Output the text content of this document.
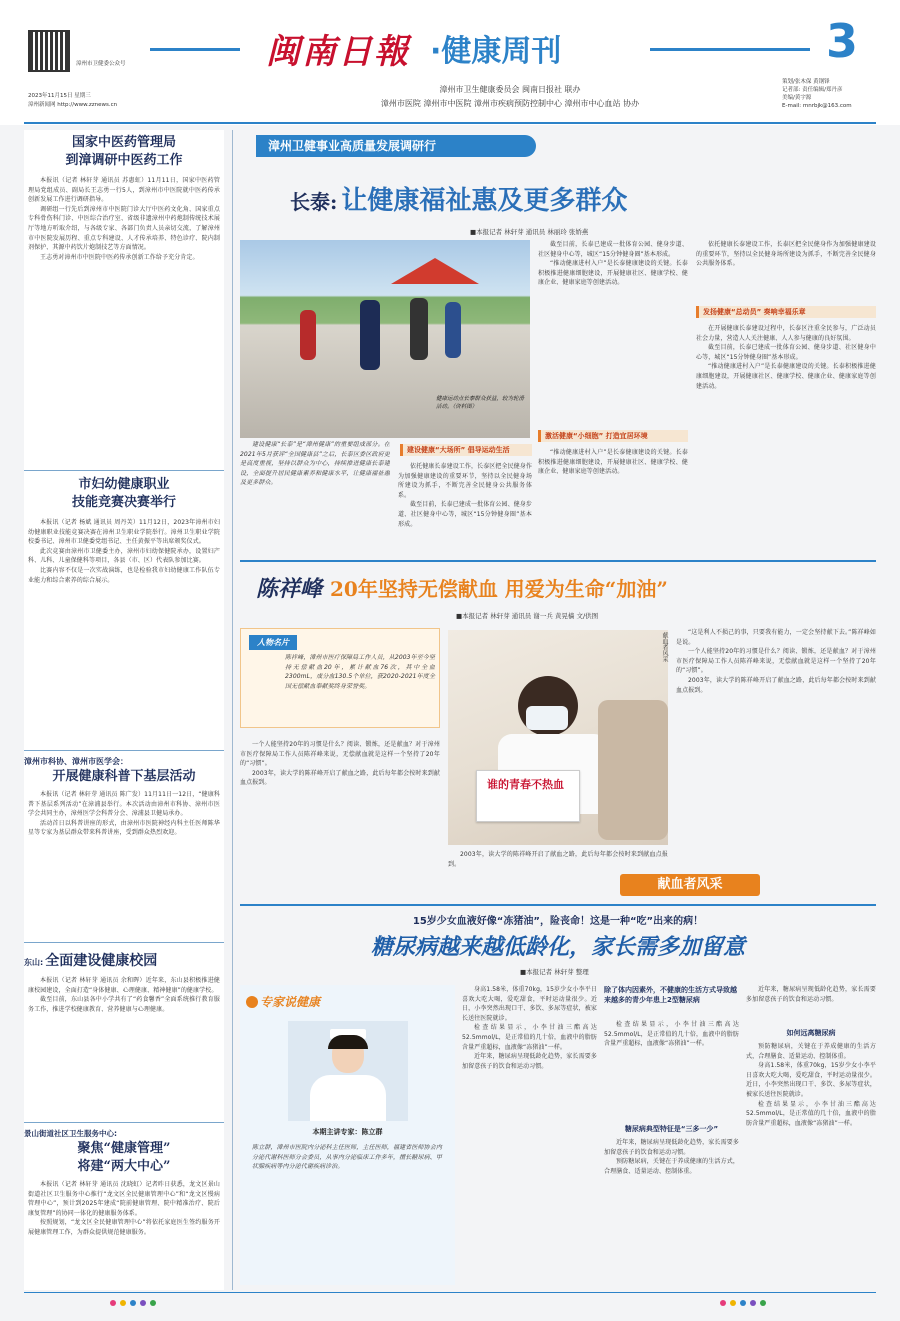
漳州市卫健委公众号	闽南日報 ·健康周刊	3
2023年11月15日 星期三
漳州新闻网 http://www.zznews.cn
漳州市卫生健康委员会 闽南日报社 联办
漳州市医院 漳州市中医院 漳州市疾病预防控制中心 漳州市中心血站 协办
策划/张木保 黄钢锋
记者部: 责任编辑/郑丹彦
美编/黄宇源
E-mail: mnrbjk@163.com
国家中医药管理局
到漳调研中医药工作

本报讯（记者 林轩芽 通讯员 苏惠虹）11月11日，国家中医药管理局党组成员、副局长王志勇一行5人，到漳州市中医院就中医药传承创新发展工作进行调研指导。

调研组一行先后到漳州市中医院门诊大厅中医药文化角、国家重点专科骨伤科门诊、中医综合治疗室、省级非遗漳州中药炮制传统技术展厅等地方听取介绍，与各级专家、各部门负责人员亲切交流，了解漳州市中医院发展历程、重点专科建设、人才传承培养、特色诊疗、院内制剂保护、其源中药饮片炮制技艺等方面情况。

王志勇对漳州市中医院中医药传承创新工作给予充分肯定。

市妇幼健康职业
技能竞赛决赛举行

本报讯（记者 杨斌 通讯员 周丹芙）11月12日，2023年漳州市妇幼健康职业技能竞赛决赛在漳州卫生职业学院举行。漳州卫生职业学院校委书记、漳州市卫健委党组书记、主任黄振平等出席颁奖仪式。

此次竞赛由漳州市卫健委主办，漳州市妇幼保健院承办，设置妇产科、儿科、儿童保健科等项目，各县（市、区）代表队参加比赛。

比赛内容不仅是一次实战演练，也是检验我市妇幼健康工作队伍专业能力和综合素养的综合展示。

漳州市科协、漳州市医学会：
开展健康科普下基层活动

本报讯（记者 林轩芽 通讯员 陈广发）11月11日一12日，“健康科普下基层系列活动”在漳浦县举行。本次活动由漳州市科协、漳州市医学会共同主办，漳州医学会科普分会、漳浦县卫健局承办。

活动首日以科普讲座的形式，由漳州市医院神经内科主任医师陈华星等专家为基层群众带来科普讲座，受到群众热烈欢迎。

东山: 全面建设健康校园

本报讯（记者 林轩芽 通讯员 余和晖）近年来，东山县积极推进健康校园建设，全面打造“身体健康、心理健康、精神健康”的健康学校。

截至目前，东山县各中小学共有了“药食馨香”全面系统推行教育服务工作，推进学校健康教育、营养健康与心理健康。

景山街道社区卫生服务中心:
聚焦“健康管理”
将建“两大中心”

本报讯（记者 林轩芽 通讯员 沈晓虹）记者昨日获悉，龙文区景山街道社区卫生服务中心推行“龙文区全民健康管理中心”和“龙文区慢病管理中心”，预计到2025年建成“院前健康管理、院中精准治疗、院后康复管理”的协同一体化的健康服务体系。

按照规划，“龙文区全民健康管理中心”将依托家庭医生签约服务开展健康管理工作，为群众提供规范健康服务。

漳州卫健事业高质量发展调研行
长泰: 让健康福祉惠及更多群众
■本报记者 林轩芽 通讯员 林丽玲 张娇燕
健康运动点长泰群众获益，较为轮滑活动。（资料图）

建设健康“长泰”是“漳州健康”的重要组成部分。在2021年5月获评“全国健康县”之后，长泰区委区政府更是高度重视，坚持以群众为中心，持续推进健康长泰建设，全面提升居民健康素养和健康水平，让健康福祉惠及更多群众。

建设健康“大场所” 倡导运动生活

依托健康长泰建设工作，长泰区把全民健身作为加强健康建设的重要环节，坚持以全民健身场所建设为抓手，不断完善全民健身公共服务体系。

截至目前，长泰已建成一批体育公园、健身步道、社区健身中心等，城区“15分钟健身圈”基本形成。

截至目前，长泰已建成一批体育公园、健身步道、社区健身中心等，城区“15分钟健身圈”基本形成。

“推动健康进村入户”是长泰健康建设的关键。长泰积极推进健康细胞建设，开展健康社区、健康学校、健康企业、健康家庭等创建活动。

激活健康“小细胞” 打造宜居环境

“推动健康进村入户”是长泰健康建设的关键。长泰积极推进健康细胞建设，开展健康社区、健康学校、健康企业、健康家庭等创建活动。

依托健康长泰建设工作，长泰区把全民健身作为加强健康建设的重要环节，坚持以全民健身场所建设为抓手，不断完善全民健身公共服务体系。

发扬健康“总动员” 奏响幸福乐章

在开展健康长泰建设过程中，长泰区注重全民参与，广泛动员社会力量，营造人人关注健康、人人参与健康的良好氛围。

截至目前，长泰已建成一批体育公园、健身步道、社区健身中心等，城区“15分钟健身圈”基本形成。

“推动健康进村入户”是长泰健康建设的关键。长泰积极推进健康细胞建设，开展健康社区、健康学校、健康企业、健康家庭等创建活动。

陈祥峰 20年坚持无偿献血 用爱为生命“加油”
■本报记者 林轩芽 通讯员 谢一兵 黄晃樯 文/供图
人物名片
陈祥峰，漳州市医疗保障局工作人员，从2003年至今坚持无偿献血20年，累计献血76次，其中全血2300mL，成分血130.5个单位，获2020-2021年度全国无偿献血奉献奖终身荣誉奖。

一个人能坚持20年的习惯是什么？阅读、锻炼，还是献血？对于漳州市医疗保障局工作人员陈祥峰来说，无偿献血就是这样一个坚持了20年的“习惯”。

2003年，读大学的陈祥峰开启了献血之路，此后每年都会按时来到献血点报到。	谁的青春不热血
献血者风采

2003年，读大学的陈祥峰开启了献血之路，此后每年都会按时来到献血点报到。

“这是利人不损己的事，只要我有能力，一定会坚持献下去。”陈祥峰如是说。

一个人能坚持20年的习惯是什么？阅读、锻炼，还是献血？对于漳州市医疗保障局工作人员陈祥峰来说，无偿献血就是这样一个坚持了20年的“习惯”。

2003年，读大学的陈祥峰开启了献血之路，此后每年都会按时来到献血点报到。

献血者风采
15岁少女血液好像“冻猪油”，险丧命！这是一种“吃”出来的病！
糖尿病越来越低龄化，家长需多加留意
■本报记者 林轩芽 整理
专家说健康
本期主讲专家：陈立群
陈立群，漳州市医院内分泌科主任医师，主任医师，福建省医师协会内分泌代谢科医师分会委员，从事内分泌临床工作多年，擅长糖尿病、甲状腺疾病等内分泌代谢疾病诊治。

身高1.58米，体重70kg，15岁少女小李平日喜欢大吃大喝，爱吃甜食，平时运动量很少。近日，小李突然出现口干、多饮、多尿等症状，被家长送往医院就诊。

检查结果显示，小李甘油三酯高达 52.5mmol/L，是正常值的几十倍，血液中的脂肪含量严重超标，血液像“冻猪油”一样。

近年来，糖尿病呈现低龄化趋势，家长需要多加留意孩子的饮食和运动习惯。

除了体内因素外，不健康的生活方式导致越来越多的青少年患上2型糖尿病

检查结果显示，小李甘油三酯高达 52.5mmol/L，是正常值的几十倍，血液中的脂肪含量严重超标，血液像“冻猪油”一样。

糖尿病典型特征是“三多一少”

近年来，糖尿病呈现低龄化趋势，家长需要多加留意孩子的饮食和运动习惯。

预防糖尿病，关键在于养成健康的生活方式，合理膳食、适量运动、控制体重。

近年来，糖尿病呈现低龄化趋势，家长需要多加留意孩子的饮食和运动习惯。

如何远离糖尿病

预防糖尿病，关键在于养成健康的生活方式，合理膳食、适量运动、控制体重。

身高1.58米，体重70kg，15岁少女小李平日喜欢大吃大喝，爱吃甜食，平时运动量很少。近日，小李突然出现口干、多饮、多尿等症状，被家长送往医院就诊。

检查结果显示，小李甘油三酯高达 52.5mmol/L，是正常值的几十倍，血液中的脂肪含量严重超标，血液像“冻猪油”一样。
